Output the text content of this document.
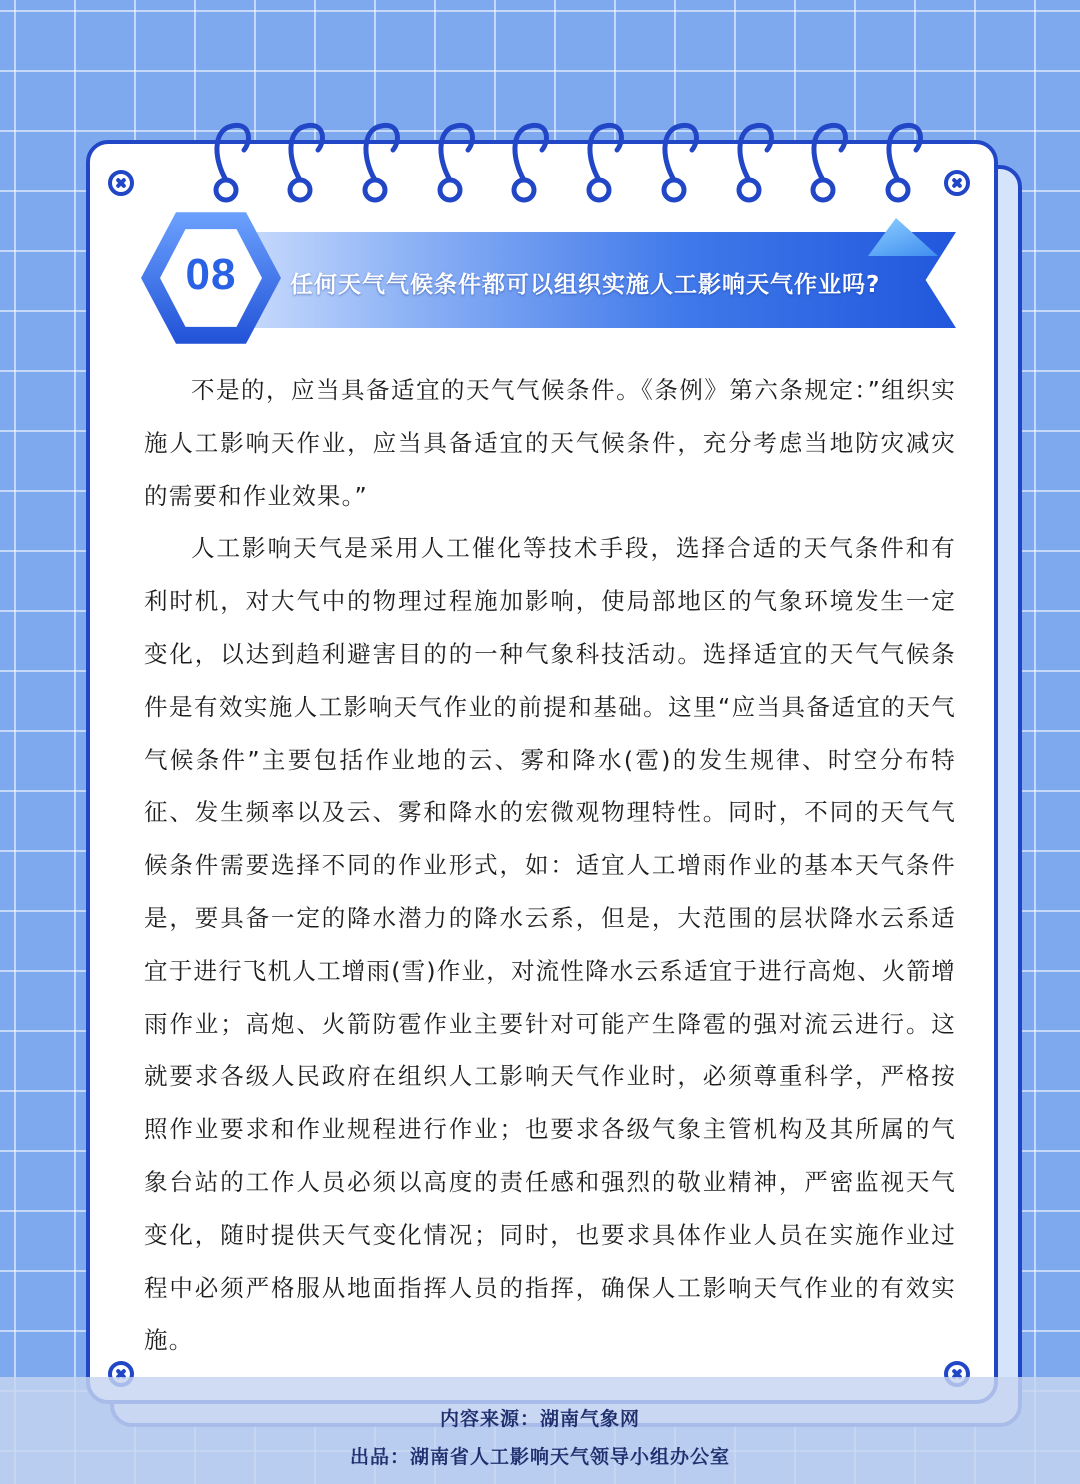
08	任何天气气候条件都可以组织实施人工影响天气作业吗?

不是的，应当具备适宜的天气气候条件。《条例》第六条规定：”组织实施人工影响天作业，应当具备适宜的天气候条件，充分考虑当地防灾减灾的需要和作业效果。”

人工影响天气是采用人工催化等技术手段，选择合适的天气条件和有利时机，对大气中的物理过程施加影响，使局部地区的气象环境发生一定变化，以达到趋利避害目的的一种气象科技活动。选择适宜的天气气候条件是有效实施人工影响天气作业的前提和基础。这里“应当具备适宜的天气气候条件”主要包括作业地的云、雾和降水(雹)的发生规律、时空分布特征、发生频率以及云、雾和降水的宏微观物理特性。同时，不同的天气气候条件需要选择不同的作业形式，如：适宜人工增雨作业的基本天气条件是，要具备一定的降水潜力的降水云系，但是，大范围的层状降水云系适宜于进行飞机人工增雨(雪)作业，对流性降水云系适宜于进行高炮、火箭增雨作业；高炮、火箭防雹作业主要针对可能产生降雹的强对流云进行。这就要求各级人民政府在组织人工影响天气作业时，必须尊重科学，严格按照作业要求和作业规程进行作业；也要求各级气象主管机构及其所属的气象台站的工作人员必须以高度的责任感和强烈的敬业精神，严密监视天气变化，随时提供天气变化情况；同时，也要求具体作业人员在实施作业过程中必须严格服从地面指挥人员的指挥，确保人工影响天气作业的有效实施。

内容来源：湖南气象网
出品：湖南省人工影响天气领导小组办公室
